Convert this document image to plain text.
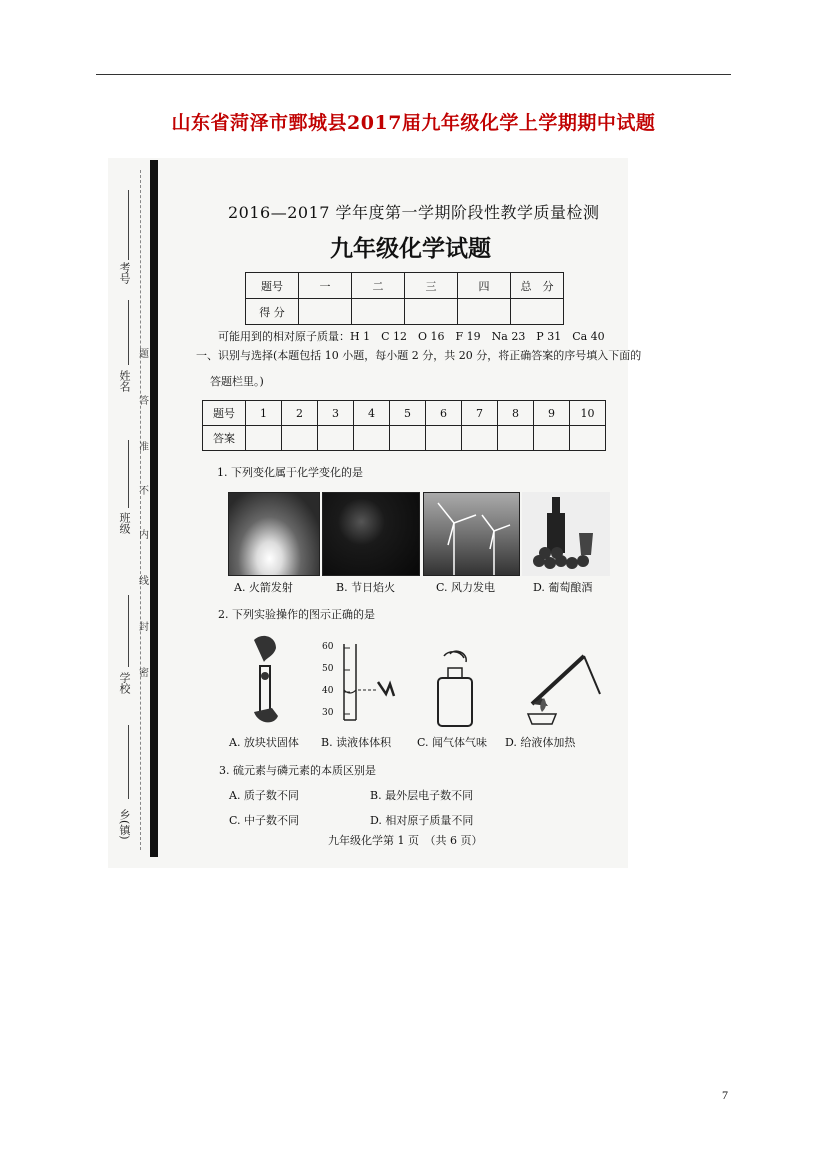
山东省菏泽市鄄城县2017届九年级化学上学期期中试题
考号
姓名
班级
学校
乡(镇)
题
答
准
不
内
线
封
密
2016—2017 学年度第一学期阶段性教学质量检测
九年级化学试题
题号	一	二	三	四	总　分
得 分					
可能用到的相对原子质量：H 1　C 12　O 16　F 19　Na 23　P 31　Ca 40
一、识别与选择(本题包括 10 小题，每小题 2 分，共 20 分，将正确答案的序号填入下面的
答题栏里。)
题号	1	2	3	4	5	6	7	8	9	10
答案										
1. 下列变化属于化学变化的是
A. 火箭发射	B. 节日焰火	C. 风力发电	D. 葡萄酿酒
2. 下列实验操作的图示正确的是
60
50
40
30
A. 放块状固体 B. 读液体体积 C. 闻气体气味 D. 给液体加热
3. 硫元素与磷元素的本质区别是
A. 质子数不同	B. 最外层电子数不同
C. 中子数不同	D. 相对原子质量不同
九年级化学第 1 页　（共 6 页）
7
